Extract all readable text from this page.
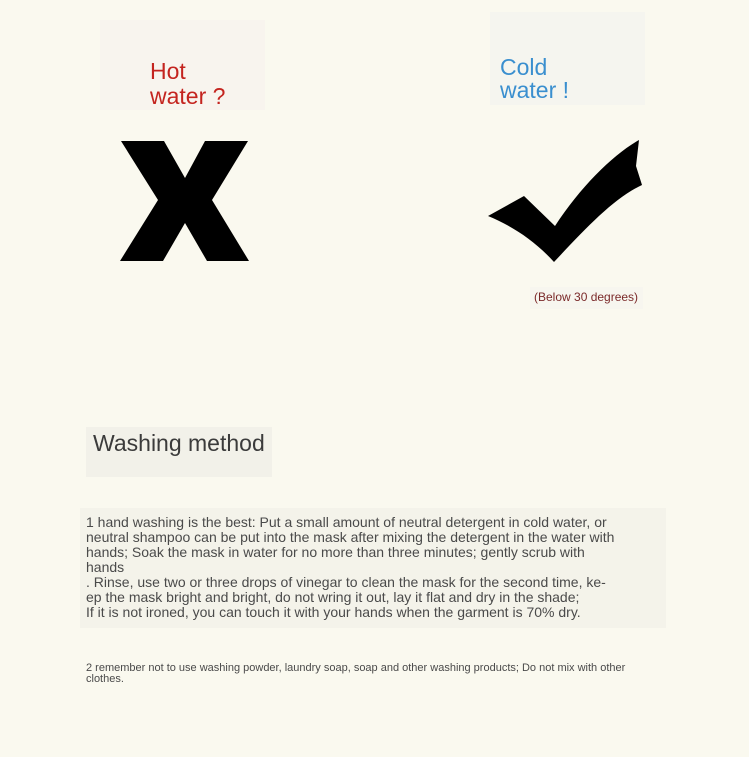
Hot
water ?
Cold
water !
(Below 30 degrees)
Washing method
1 hand washing is the best: Put a small amount of neutral detergent in cold water, or
neutral shampoo can be put into the mask after mixing the detergent in the water with
hands; Soak the mask in water for no more than three minutes; gently scrub with
hands
. Rinse, use two or three drops of vinegar to clean the mask for the second time, ke-
ep the mask bright and bright, do not wring it out, lay it flat and dry in the shade;
If it is not ironed, you can touch it with your hands when the garment is 70% dry.
2 remember not to use washing powder, laundry soap, soap and other washing products; Do not mix with other clothes.
